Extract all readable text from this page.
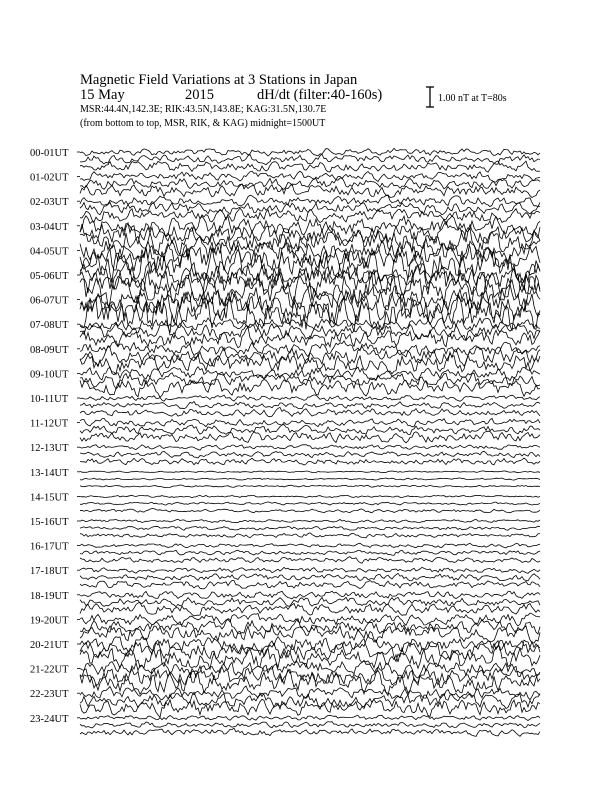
Magnetic Field Variations at 3 Stations in Japan
15 May	2015	dH/dt (filter:40-160s)
MSR:44.4N,142.3E; RIK:43.5N,143.8E; KAG:31.5N,130.7E
(from bottom to top, MSR, RIK, & KAG) midnight=1500UT
1.00 nT at T=80s
00-01UT
01-02UT
02-03UT
03-04UT
04-05UT
05-06UT
06-07UT
07-08UT
08-09UT
09-10UT
10-11UT
11-12UT
12-13UT
13-14UT
14-15UT
15-16UT
16-17UT
17-18UT
18-19UT
19-20UT
20-21UT
21-22UT
22-23UT
23-24UT
